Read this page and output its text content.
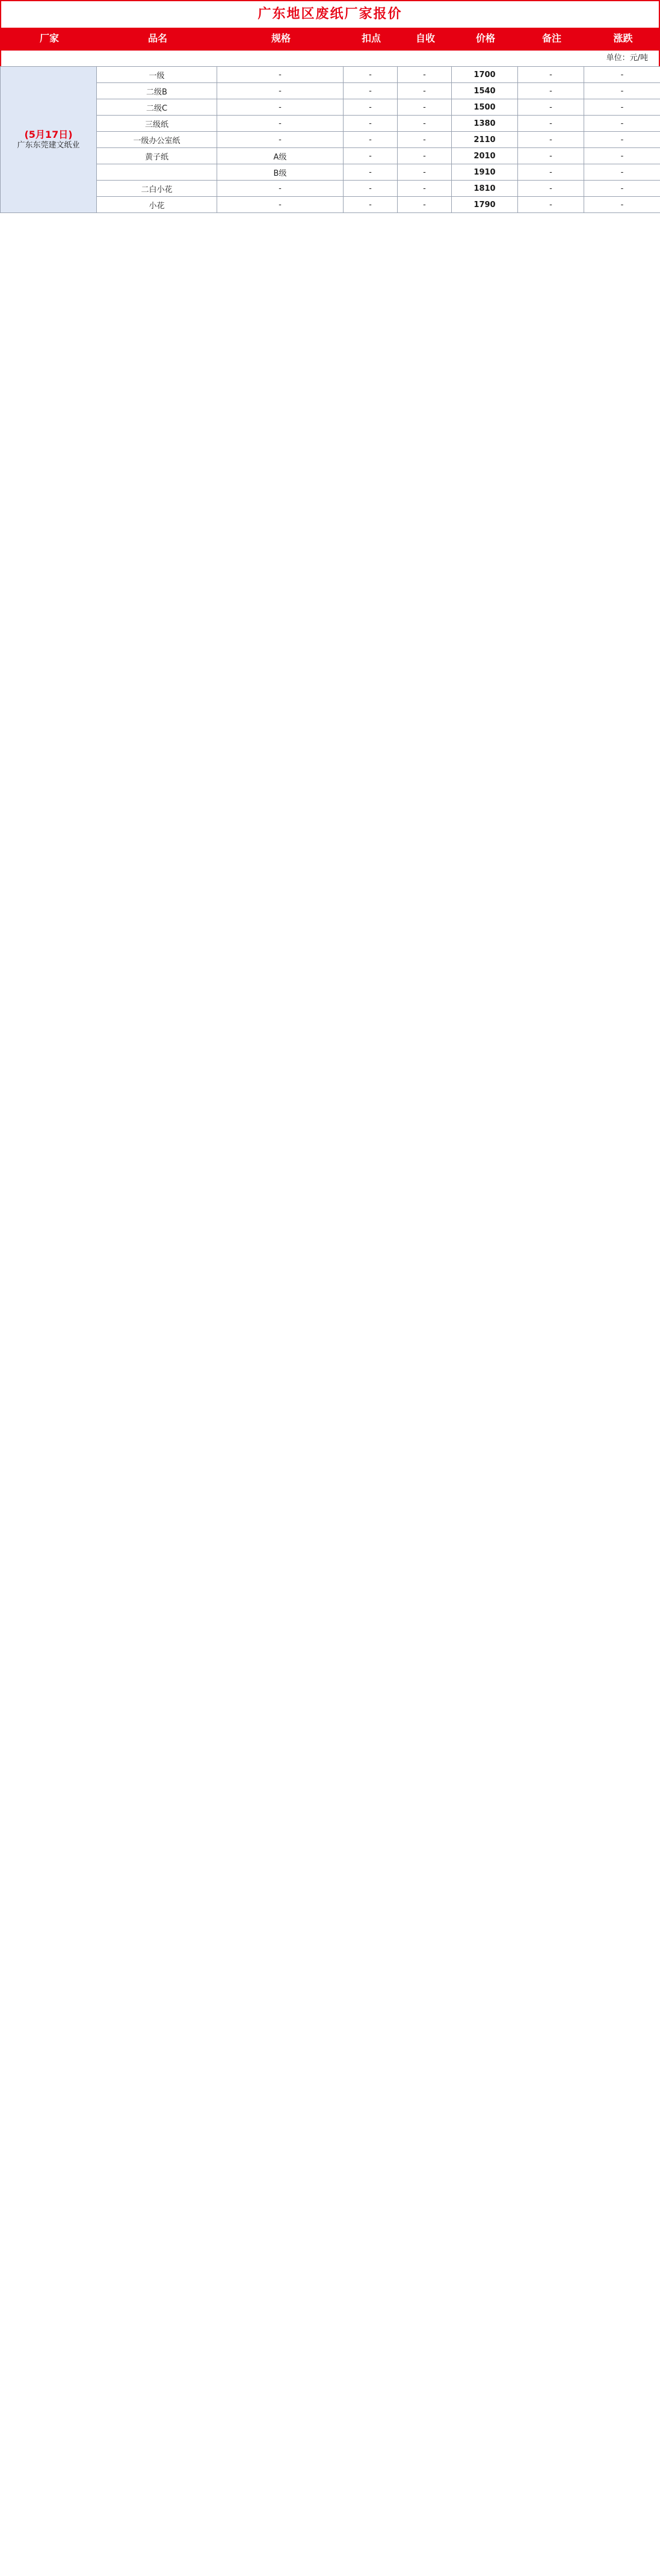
广东地区废纸厂家报价
厂家	品名	规格	扣点	自收	价格	备注	涨跌
单位：元/吨
(5月17日)
广东东莞建文纸业	一级	-	-	-	1700	-	-
	二级B	-	-	-	1540	-	-
	二级C	-	-	-	1500	-	-
	三级纸	-	-	-	1380	-	-
	一级办公室纸	-	-	-	2110	-	-
	黄子纸	A级	-	-	2010	-	-
		B级	-	-	1910	-	-
	二白小花	-	-	-	1810	-	-
	小花	-	-	-	1790	-	-
